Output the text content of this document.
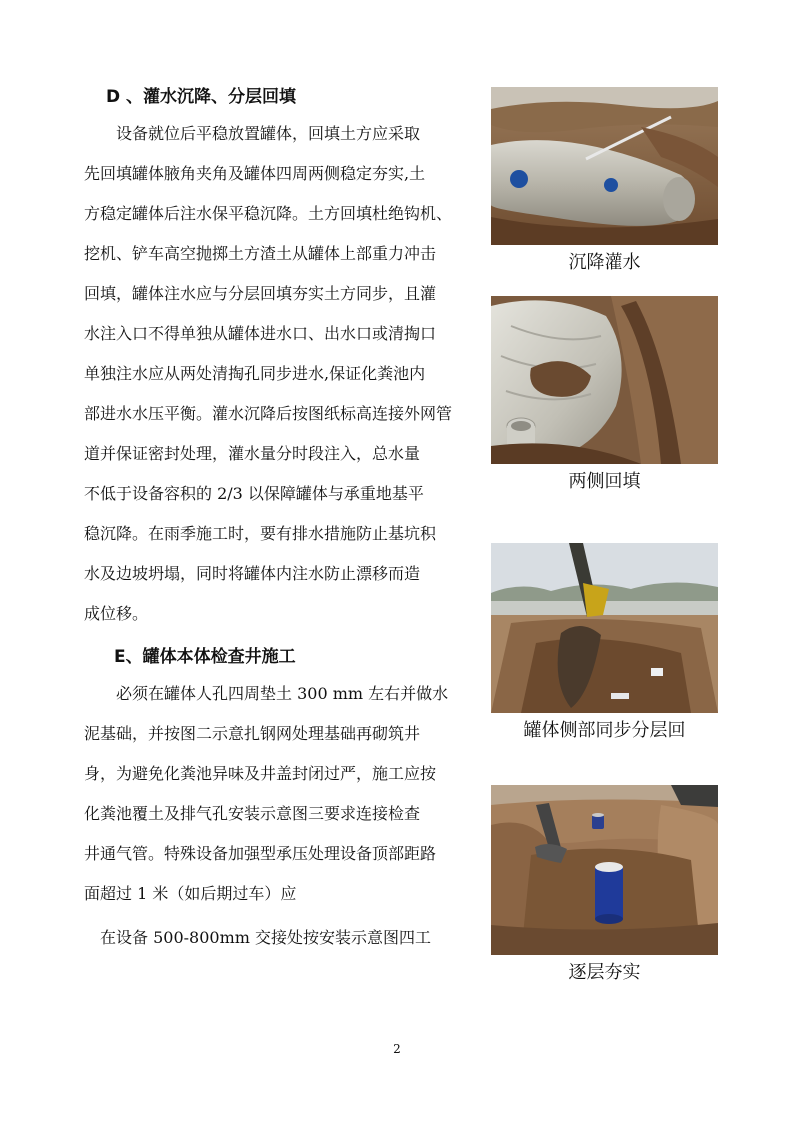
D 、灌水沉降、分层回填
设备就位后平稳放置罐体，回填土方应采取
先回填罐体腋角夹角及罐体四周两侧稳定夯实,土
方稳定罐体后注水保平稳沉降。土方回填杜绝钩机、
挖机、铲车高空抛掷土方渣土从罐体上部重力冲击
回填，罐体注水应与分层回填夯实土方同步，且灌
水注入口不得单独从罐体进水口、出水口或清掏口
单独注水应从两处清掏孔同步进水,保证化粪池内
部进水水压平衡。灌水沉降后按图纸标高连接外网管
道并保证密封处理，灌水量分时段注入，总水量
不低于设备容积的 2/3 以保障罐体与承重地基平
稳沉降。在雨季施工时，要有排水措施防止基坑积
水及边坡坍塌，同时将罐体内注水防止漂移而造
成位移。
E、罐体本体检查井施工
必须在罐体人孔四周垫土 300 mm 左右并做水
泥基础，并按图二示意扎钢网处理基础再砌筑井
身，为避免化粪池异味及井盖封闭过严，施工应按
化粪池覆土及排气孔安装示意图三要求连接检查
井通气管。特殊设备加强型承压处理设备顶部距路
面超过 1 米（如后期过车）应
在设备 500-800mm 交接处按安装示意图四工
沉降灌水
两侧回填
罐体侧部同步分层回
逐层夯实
2
